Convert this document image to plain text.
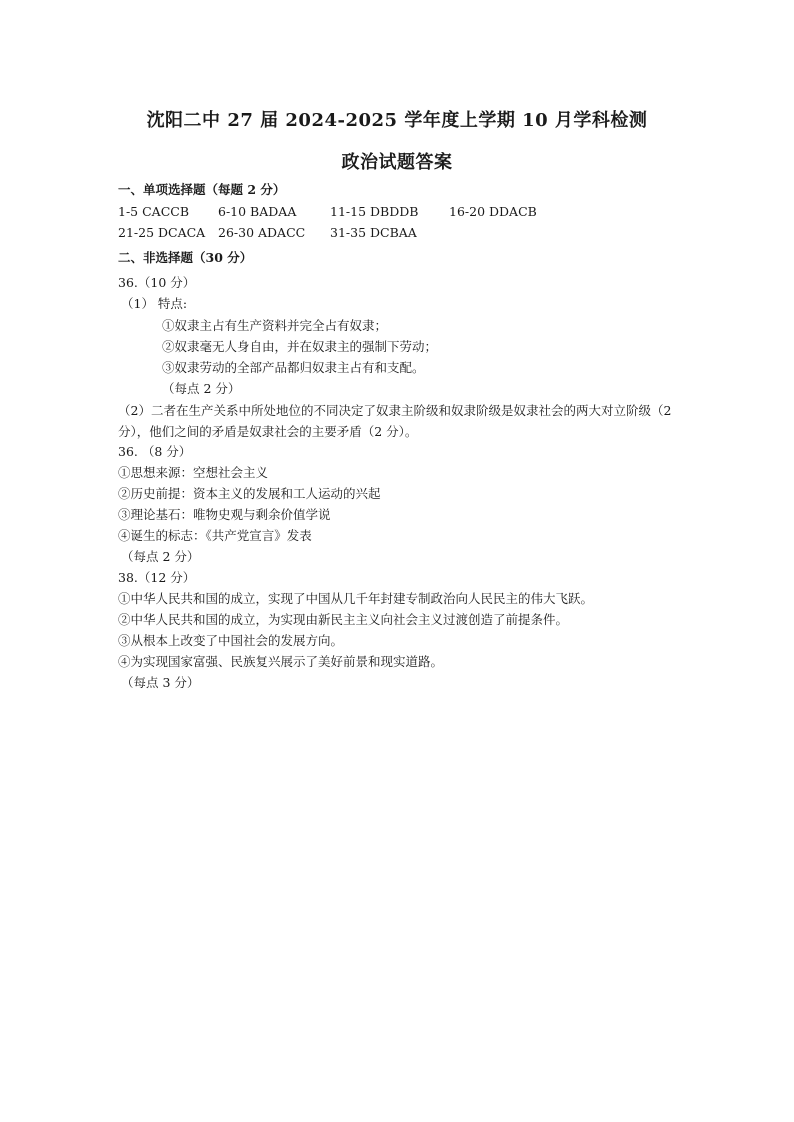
沈阳二中 27 届 2024-2025 学年度上学期 10 月学科检测
政治试题答案
一、单项选择题（每题 2 分）
1-5 CACCB 6-10 BADAA	11-15 DBDDB 16-20 DDACB
21-25 DCACA 26-30 ADACC 31-35 DCBAA
二、非选择题（30 分）
36.（10 分）
（1） 特点:
①奴隶主占有生产资料并完全占有奴隶；
②奴隶毫无人身自由，并在奴隶主的强制下劳动；
③奴隶劳动的全部产品都归奴隶主占有和支配。
（每点 2 分）
（2）二者在生产关系中所处地位的不同决定了奴隶主阶级和奴隶阶级是奴隶社会的两大对立阶级（2 分），他们之间的矛盾是奴隶社会的主要矛盾（2 分）。
36. （8 分）
①思想来源：空想社会主义
②历史前提：资本主义的发展和工人运动的兴起
③理论基石：唯物史观与剩余价值学说
④诞生的标志：《共产党宣言》发表
（每点 2 分）
38.（12 分）
①中华人民共和国的成立，实现了中国从几千年封建专制政治向人民民主的伟大飞跃。
②中华人民共和国的成立，为实现由新民主主义向社会主义过渡创造了前提条件。
③从根本上改变了中国社会的发展方向。
④为实现国家富强、民族复兴展示了美好前景和现实道路。
（每点 3 分）
